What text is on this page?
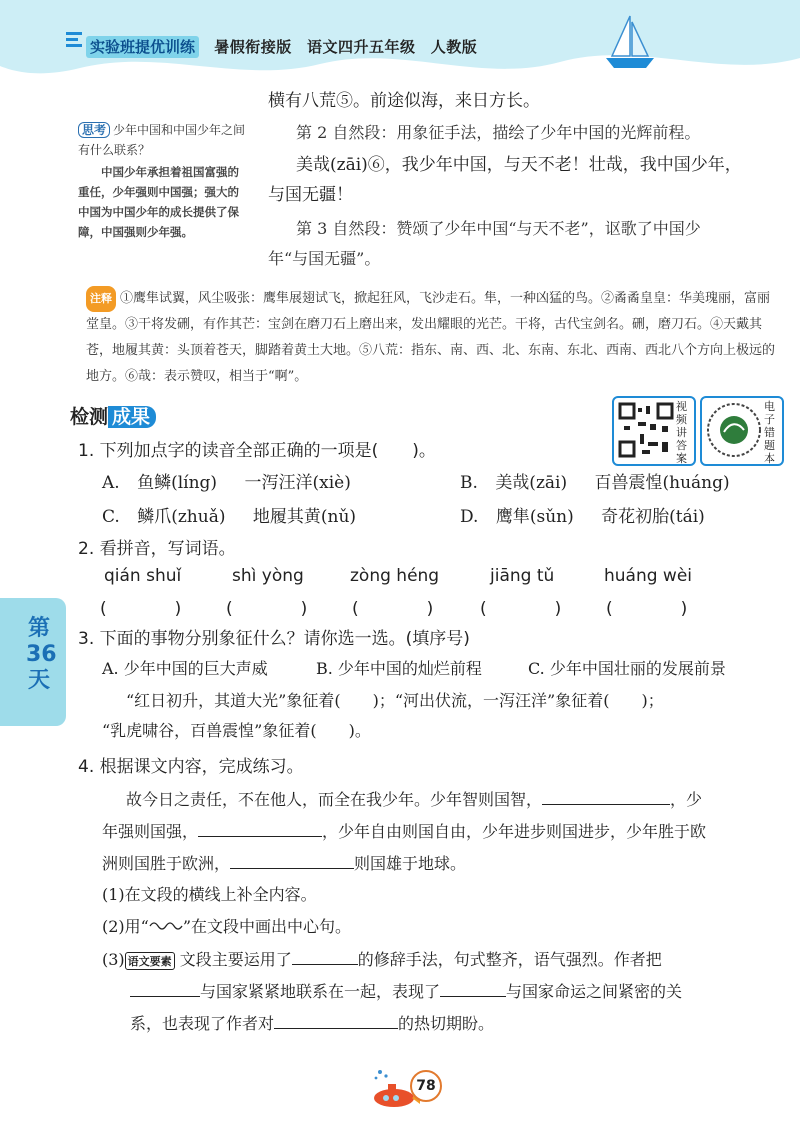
实验班提优训练 暑假衔接版 语文四升五年级 人教版
第36天
思考 少年中国和中国少年之间有什么联系？
中国少年承担着祖国富强的重任，少年强则中国强；强大的中国为中国少年的成长提供了保障，中国强则少年强。
横有八荒⑤。前途似海，来日方长。
第 2 自然段：用象征手法，描绘了少年中国的光辉前程。
美哉(zāi)⑥，我少年中国，与天不老！壮哉，我中国少年，
与国无疆！
第 3 自然段：赞颂了少年中国“与天不老”，讴歌了中国少
年“与国无疆”。
注释 ①鹰隼试翼，风尘吸张：鹰隼展翅试飞，掀起狂风，飞沙走石。隼，一种凶猛的鸟。②矞矞皇皇：华美瑰丽，富丽堂皇。③干将发硎，有作其芒：宝剑在磨刀石上磨出来，发出耀眼的光芒。干将，古代宝剑名。硎，磨刀石。④天戴其苍，地履其黄：头顶着苍天，脚踏着黄土大地。⑤八荒：指东、南、西、北、东南、东北、西南、西北八个方向上极远的地方。⑥哉：表示赞叹，相当于“啊”。
检测 成果	视频讲答案
电子错题本
1. 下列加点字的读音全部正确的一项是(　　)。
A. 鱼鳞(líng) 一泻汪洋(xiè)	B. 美哉(zāi) 百兽震惶(huáng)
C. 鳞爪(zhuǎ) 地履其黄(nǔ)	D. 鹰隼(sǔn) 奇花初胎(tái)
2. 看拼音，写词语。
qián shuǐ	shì yòng	zòng héng	jiāng tǔ	huáng wèi
(　　　　)	(　　　　)	(　　　　)	(　　　　)	(　　　　)
3. 下面的事物分别象征什么？请你选一选。(填序号)
A. 少年中国的巨大声威	B. 少年中国的灿烂前程	C. 少年中国壮丽的发展前景
“红日初升，其道大光”象征着(　　)；“河出伏流，一泻汪洋”象征着(　　)；
“乳虎啸谷，百兽震惶”象征着(　　)。
4. 根据课文内容，完成练习。
故今日之责任，不在他人，而全在我少年。少年智则国智，	，少
年强则国强，	，少年自由则国自由，少年进步则国进步，少年胜于欧
洲则国胜于欧洲，	则国雄于地球。
(1)在文段的横线上补全内容。
(2)用“ ”在文段中画出中心句。
(3) 语文要素 文段主要运用了	的修辞手法，句式整齐，语气强烈。作者把
与国家紧紧地联系在一起，表现了	与国家命运之间紧密的关
系，也表现了作者对	的热切期盼。
78
